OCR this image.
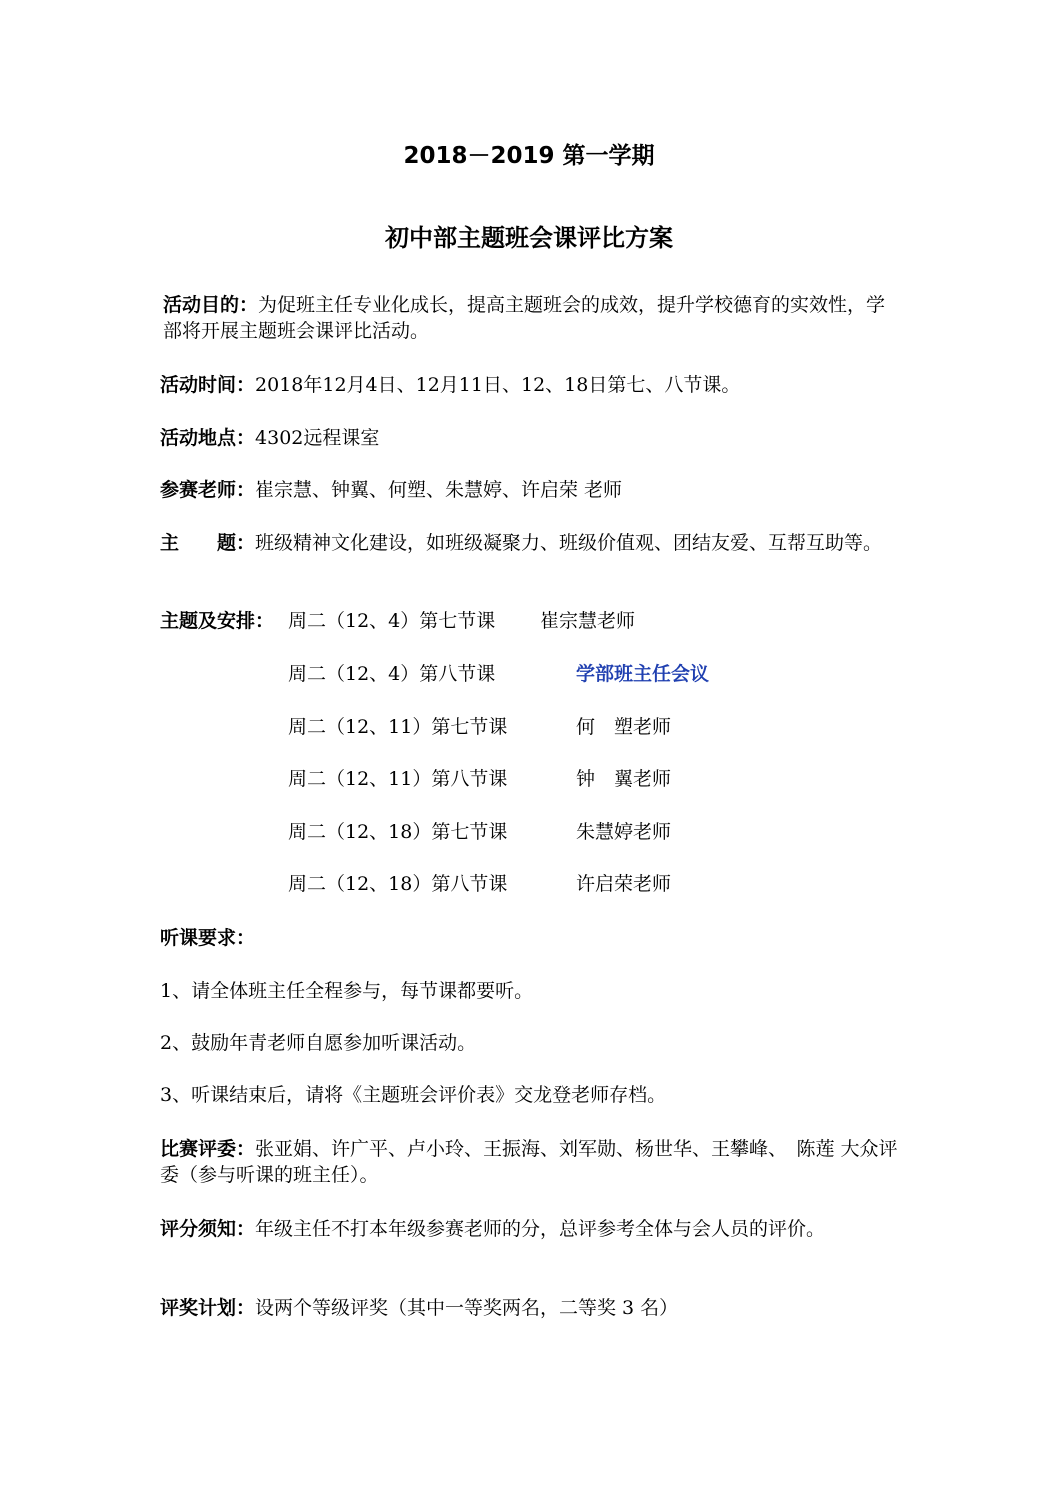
2018－2019 第一学期
初中部主题班会课评比方案
活动目的：为促班主任专业化成长，提高主题班会的成效，提升学校德育的实效性，学部将开展主题班会课评比活动。
活动时间：2018年12月4日、12月11日、12、18日第七、八节课。
活动地点：4302远程课室
参赛老师：崔宗慧、钟翼、何塑、朱慧婷、许启荣 老师
主　　题：班级精神文化建设，如班级凝聚力、班级价值观、团结友爱、互帮互助等。
主题及安排： 周二（12、4）第七节课 崔宗慧老师
周二（12、4）第八节课	学部班主任会议
周二（12、11）第七节课	何　塑老师
周二（12、11）第八节课	钟　翼老师
周二（12、18）第七节课	朱慧婷老师
周二（12、18）第八节课	许启荣老师
听课要求：
1、请全体班主任全程参与，每节课都要听。
2、鼓励年青老师自愿参加听课活动。
3、听课结束后，请将《主题班会评价表》交龙登老师存档。
比赛评委：张亚娟、许广平、卢小玲、王振海、刘军勋、杨世华、王攀峰、　陈莲 大众评委（参与听课的班主任）。
评分须知：年级主任不打本年级参赛老师的分，总评参考全体与会人员的评价。
评奖计划：设两个等级评奖（其中一等奖两名，二等奖 3 名）
